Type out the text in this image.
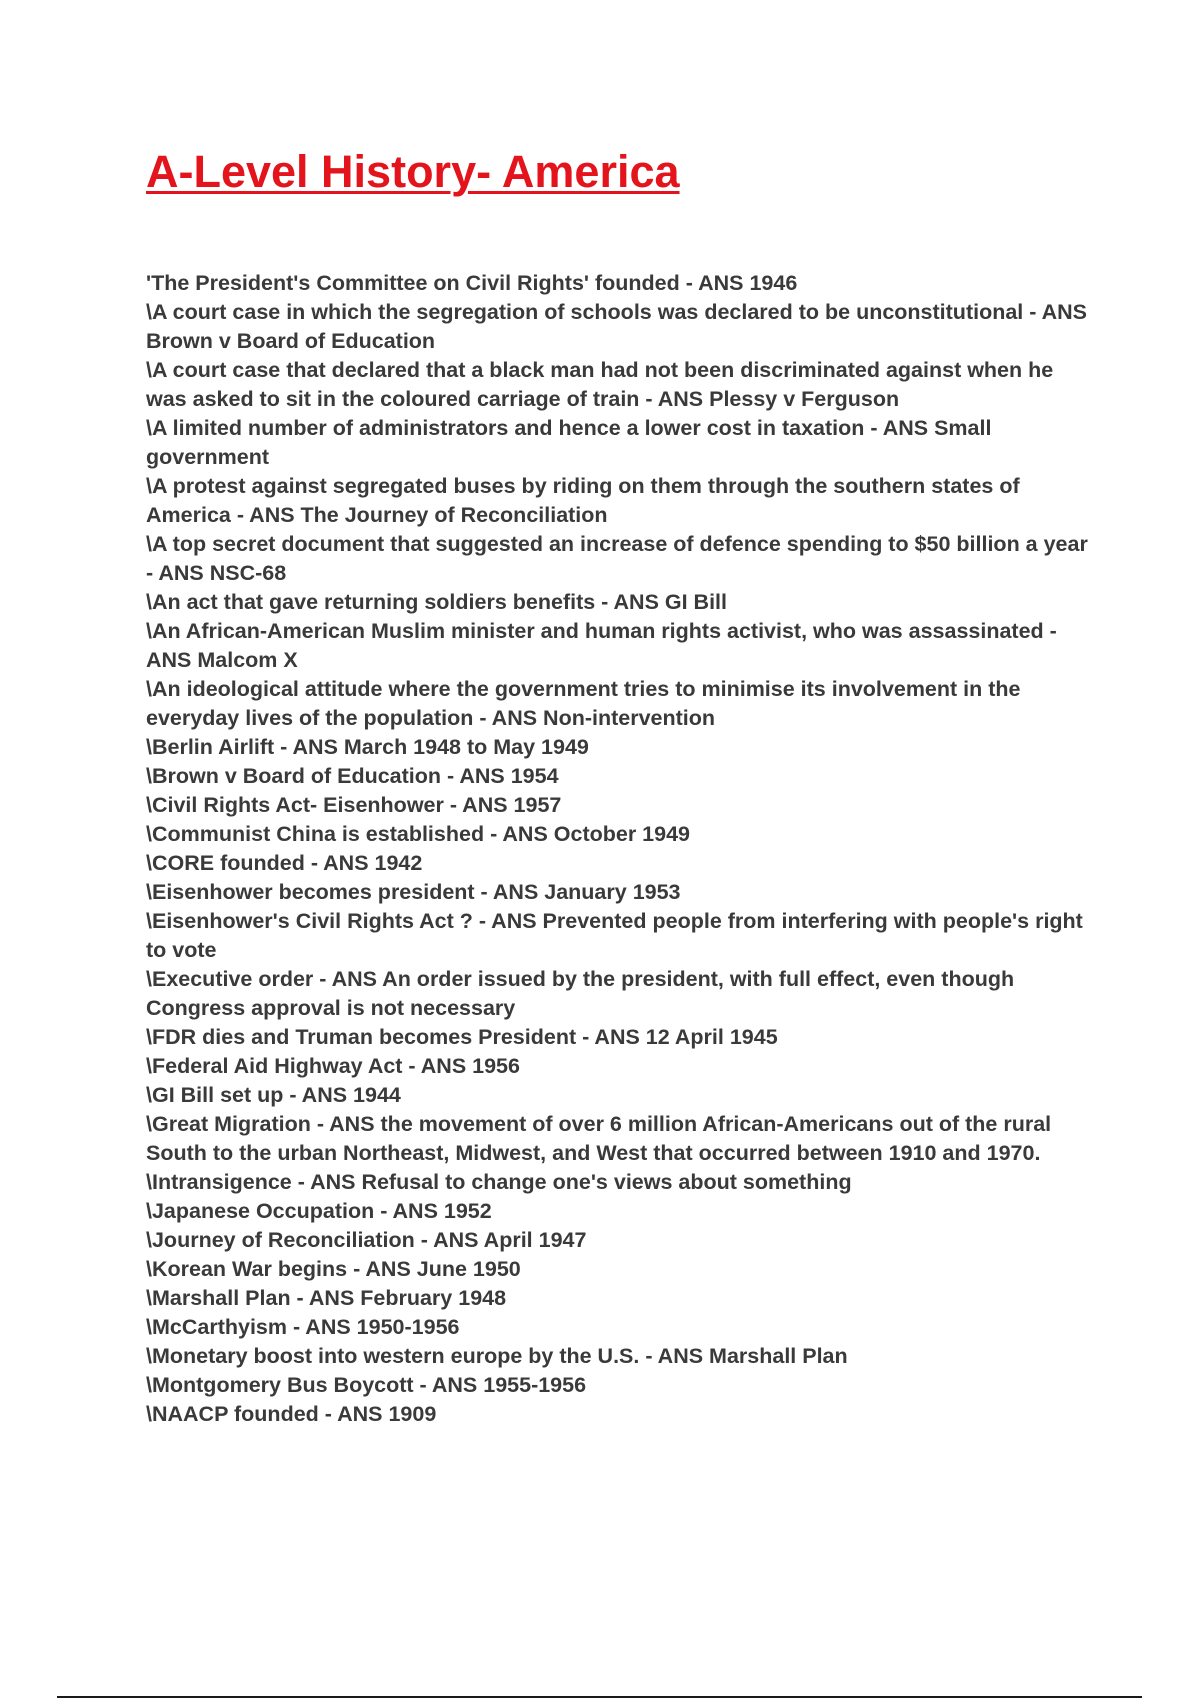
A-Level History- America
'The President's Committee on Civil Rights' founded - ANS 1946
\A court case in which the segregation of schools was declared to be unconstitutional - ANS Brown v Board of Education
\A court case that declared that a black man had not been discriminated against when he was asked to sit in the coloured carriage of train - ANS Plessy v Ferguson
\A limited number of administrators and hence a lower cost in taxation - ANS Small government
\A protest against segregated buses by riding on them through the southern states of America - ANS The Journey of Reconciliation
\A top secret document that suggested an increase of defence spending to $50 billion a year - ANS NSC-68
\An act that gave returning soldiers benefits - ANS GI Bill
\An African-American Muslim minister and human rights activist, who was assassinated - ANS Malcom X
\An ideological attitude where the government tries to minimise its involvement in the everyday lives of the population - ANS Non-intervention
\Berlin Airlift - ANS March 1948 to May 1949
\Brown v Board of Education - ANS 1954
\Civil Rights Act- Eisenhower - ANS 1957
\Communist China is established - ANS October 1949
\CORE founded - ANS 1942
\Eisenhower becomes president - ANS January 1953
\Eisenhower's Civil Rights Act ? - ANS Prevented people from interfering with people's right to vote
\Executive order - ANS An order issued by the president, with full effect, even though Congress approval is not necessary
\FDR dies and Truman becomes President - ANS 12 April 1945
\Federal Aid Highway Act - ANS 1956
\GI Bill set up - ANS 1944
\Great Migration - ANS the movement of over 6 million African-Americans out of the rural South to the urban Northeast, Midwest, and West that occurred between 1910 and 1970.
\Intransigence - ANS Refusal to change one's views about something
\Japanese Occupation - ANS 1952
\Journey of Reconciliation - ANS April 1947
\Korean War begins - ANS June 1950
\Marshall Plan - ANS February 1948
\McCarthyism - ANS 1950-1956
\Monetary boost into western europe by the U.S. - ANS Marshall Plan
\Montgomery Bus Boycott - ANS 1955-1956
\NAACP founded - ANS 1909
